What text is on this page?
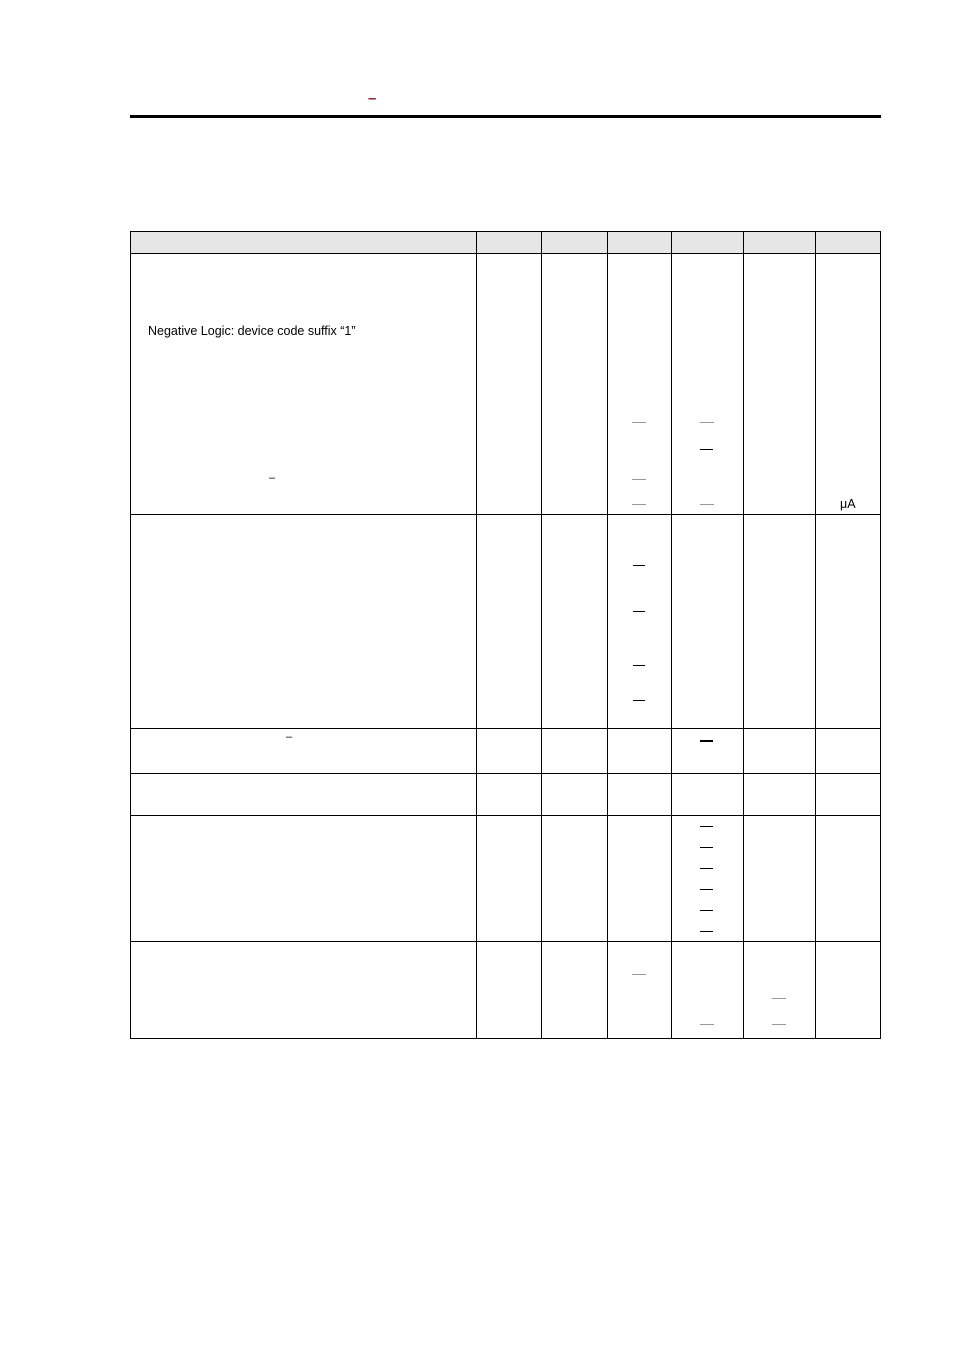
–
Negative Logic: device code suffix “1”
–
μA
–
